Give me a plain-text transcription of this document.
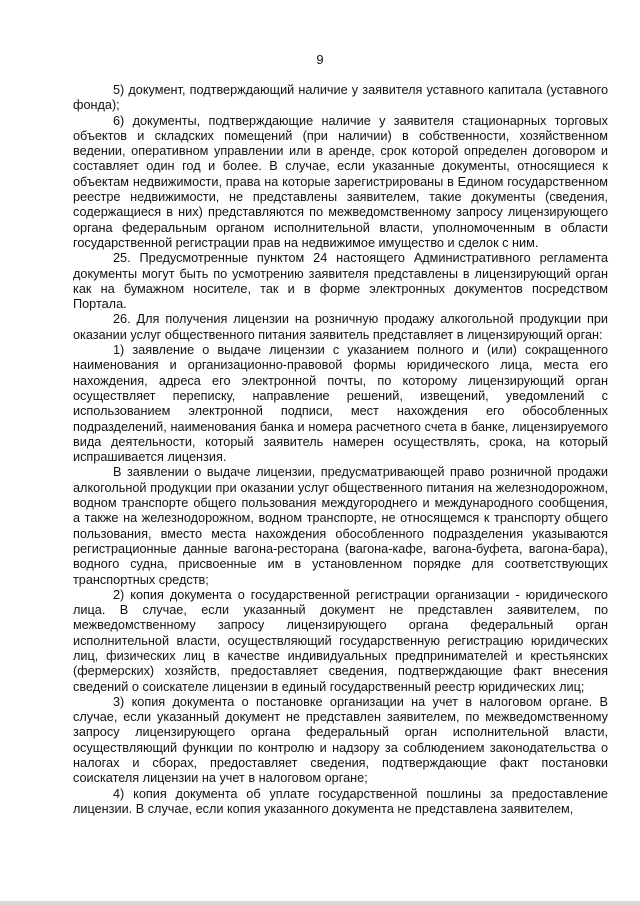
9

5) документ, подтверждающий наличие у заявителя уставного капитала (уставного фонда);

6) документы, подтверждающие наличие у заявителя стационарных торговых объектов и складских помещений (при наличии) в собственности, хозяйственном ведении, оперативном управлении или в аренде, срок которой определен договором и составляет один год и более. В случае, если указанные документы, относящиеся к объектам недвижимости, права на которые зарегистрированы в Едином государственном реестре недвижимости, не представлены заявителем, такие документы (сведения, содержащиеся в них) представляются по межведомственному запросу лицензирующего органа федеральным органом исполнительной власти, уполномоченным в области государственной регистрации прав на недвижимое имущество и сделок с ним.

25. Предусмотренные пунктом 24 настоящего Административного регламента документы могут быть по усмотрению заявителя представлены в лицензирующий орган как на бумажном носителе, так и в форме электронных документов посредством Портала.

26. Для получения лицензии на розничную продажу алкогольной продукции при оказании услуг общественного питания заявитель представляет в лицензирующий орган:

1) заявление о выдаче лицензии с указанием полного и (или) сокращенного наименования и организационно-правовой формы юридического лица, места его нахождения, адреса его электронной почты, по которому лицензирующий орган осуществляет переписку, направление решений, извещений, уведомлений с использованием электронной подписи, мест нахождения его обособленных подразделений, наименования банка и номера расчетного счета в банке, лицензируемого вида деятельности, который заявитель намерен осуществлять, срока, на который испрашивается лицензия.

В заявлении о выдаче лицензии, предусматривающей право розничной продажи алкогольной продукции при оказании услуг общественного питания на железнодорожном, водном транспорте общего пользования междугороднего и международного сообщения, а также на железнодорожном, водном транспорте, не относящемся к транспорту общего пользования, вместо места нахождения обособленного подразделения указываются регистрационные данные вагона-ресторана (вагона-кафе, вагона-буфета, вагона-бара), водного судна, присвоенные им в установленном порядке для соответствующих транспортных средств;

2) копия документа о государственной регистрации организации - юридического лица. В случае, если указанный документ не представлен заявителем, по межведомственному запросу лицензирующего органа федеральный орган исполнительной власти, осуществляющий государственную регистрацию юридических лиц, физических лиц в качестве индивидуальных предпринимателей и крестьянских (фермерских) хозяйств, предоставляет сведения, подтверждающие факт внесения сведений о соискателе лицензии в единый государственный реестр юридических лиц;

3) копия документа о постановке организации на учет в налоговом органе. В случае, если указанный документ не представлен заявителем, по межведомственному запросу лицензирующего органа федеральный орган исполнительной власти, осуществляющий функции по контролю и надзору за соблюдением законодательства о налогах и сборах, предоставляет сведения, подтверждающие факт постановки соискателя лицензии на учет в налоговом органе;

4) копия документа об уплате государственной пошлины за предоставление лицензии. В случае, если копия указанного документа не представлена заявителем,
